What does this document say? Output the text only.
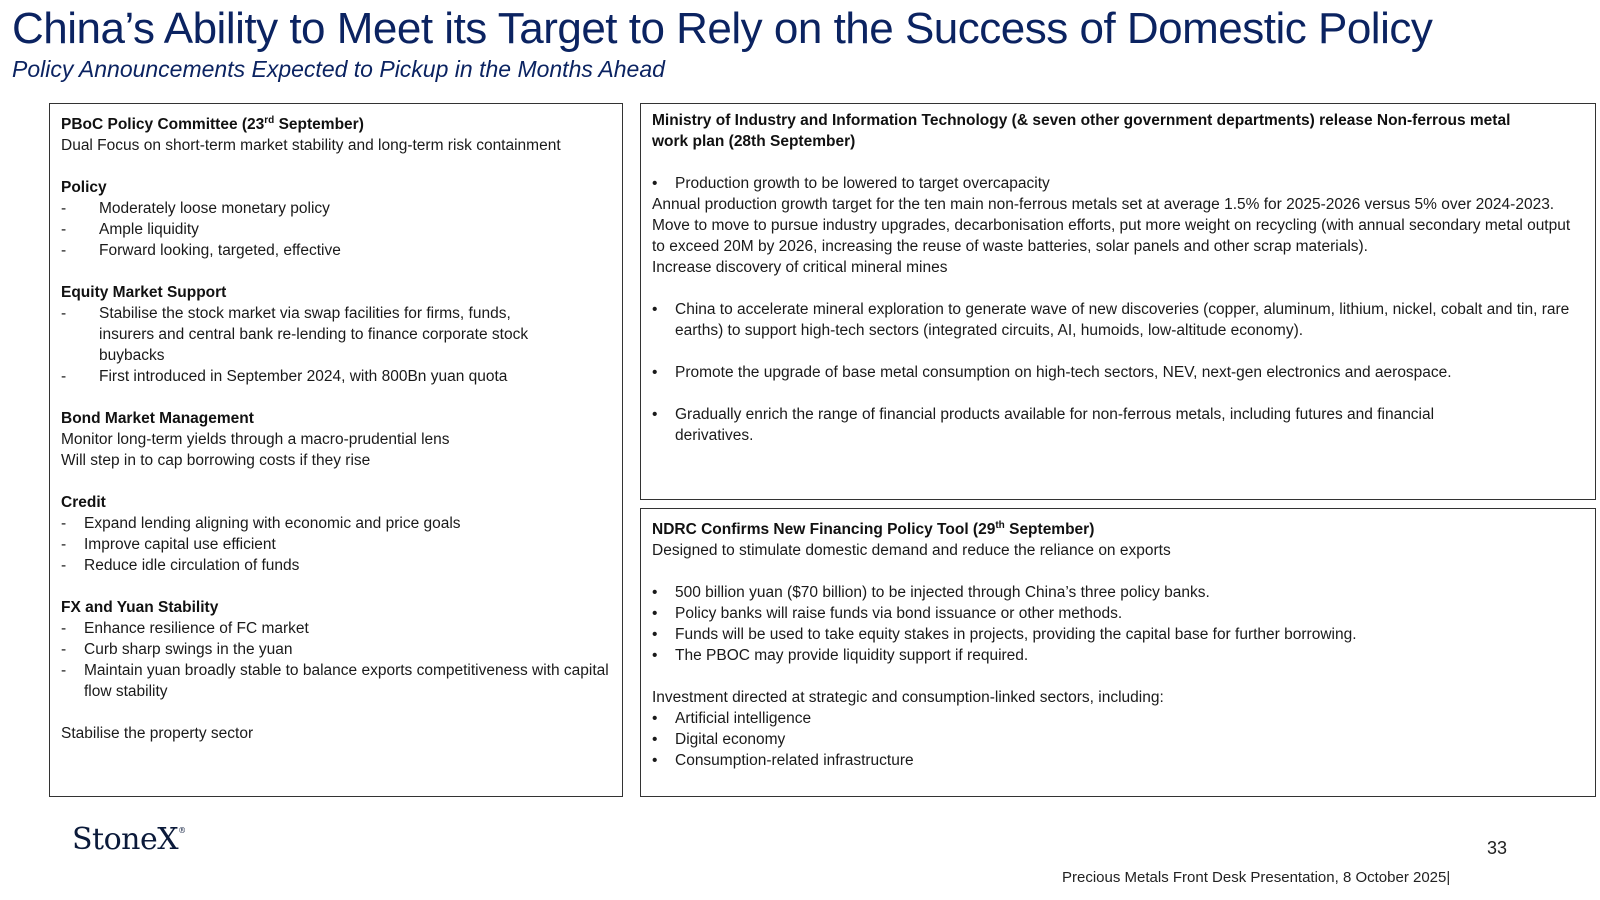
China’s Ability to Meet its Target to Rely on the Success of Domestic Policy
Policy Announcements Expected to Pickup in the Months Ahead
PBoC Policy Committee (23rd September)
Dual Focus on short-term market stability and long-term risk containment
Policy
-	Moderately loose monetary policy
-	Ample liquidity
-	Forward looking, targeted, effective
Equity Market Support
-	Stabilise the stock market via swap facilities for firms, funds, insurers and central bank re-lending to finance corporate stock buybacks
-	First introduced in September 2024, with 800Bn yuan quota
Bond Market Management
Monitor long-term yields through a macro-prudential lens
Will step in to cap borrowing costs if they rise
Credit
-	Expand lending aligning with economic and price goals
-	Improve capital use efficient
-	Reduce idle circulation of funds
FX and Yuan Stability
-	Enhance resilience of FC market
-	Curb sharp swings in the yuan
-	Maintain yuan broadly stable to balance exports competitiveness with capital flow stability
Stabilise the property sector
Ministry of Industry and Information Technology (& seven other government departments) release Non-ferrous metal work plan (28th September)
•	Production growth to be lowered to target overcapacity
Annual production growth target for the ten main non-ferrous metals set at average 1.5% for 2025-2026 versus 5% over 2024-2023. Move to move to pursue industry upgrades, decarbonisation efforts, put more weight on recycling (with annual secondary metal output to exceed 20M by 2026, increasing the reuse of waste batteries, solar panels and other scrap materials).
Increase discovery of critical mineral mines
•	China to accelerate mineral exploration to generate wave of new discoveries (copper, aluminum, lithium, nickel, cobalt and tin, rare earths) to support high-tech sectors (integrated circuits, AI, humoids, low-altitude economy).
•	Promote the upgrade of base metal consumption on high-tech sectors, NEV, next-gen electronics and aerospace.
•	Gradually enrich the range of financial products available for non-ferrous metals, including futures and financial derivatives.
NDRC Confirms New Financing Policy Tool (29th September)
Designed to stimulate domestic demand and reduce the reliance on exports
•	500 billion yuan ($70 billion) to be injected through China’s three policy banks.
•	Policy banks will raise funds via bond issuance or other methods.
•	Funds will be used to take equity stakes in projects, providing the capital base for further borrowing.
•	The PBOC may provide liquidity support if required.
Investment directed at strategic and consumption-linked sectors, including:
•	Artificial intelligence
•	Digital economy
•	Consumption-related infrastructure
StoneX®
33
Precious Metals Front Desk Presentation, 8 October 2025|
